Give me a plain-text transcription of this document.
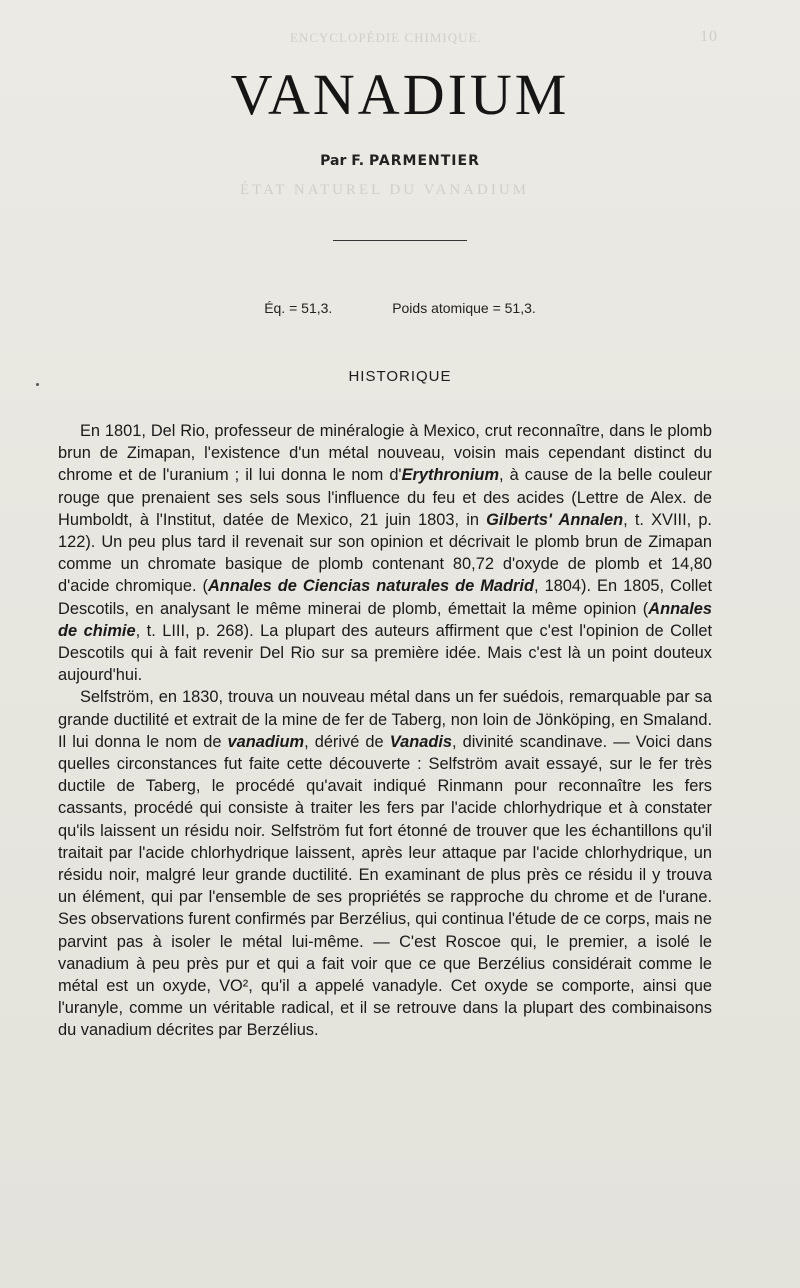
ENCYCLOPÉDIE CHIMIQUE.	10
ÉTAT NATUREL DU VANADIUM
VANADIUM
Par F. PARMENTIER
Éq. = 51,3.	Poids atomique = 51,3.
HISTORIQUE

En 1801, Del Rio, professeur de minéralogie à Mexico, crut reconnaître, dans le plomb brun de Zimapan, l'existence d'un métal nouveau, voisin mais cependant distinct du chrome et de l'uranium ; il lui donna le nom d'Erythronium, à cause de la belle couleur rouge que prenaient ses sels sous l'influence du feu et des acides (Lettre de Alex. de Humboldt, à l'Institut, datée de Mexico, 21 juin 1803, in Gilberts' Annalen, t. XVIII, p. 122). Un peu plus tard il revenait sur son opinion et décrivait le plomb brun de Zimapan comme un chromate basique de plomb contenant 80,72 d'oxyde de plomb et 14,80 d'acide chromique. (Annales de Ciencias naturales de Madrid, 1804). En 1805, Collet Descotils, en analysant le même minerai de plomb, émettait la même opinion (Annales de chimie, t. LIII, p. 268). La plupart des auteurs affirment que c'est l'opinion de Collet Descotils qui à fait revenir Del Rio sur sa première idée. Mais c'est là un point douteux aujourd'hui.

Selfström, en 1830, trouva un nouveau métal dans un fer suédois, remarquable par sa grande ductilité et extrait de la mine de fer de Taberg, non loin de Jönköping, en Smaland. Il lui donna le nom de vanadium, dérivé de Vanadis, divinité scandinave. — Voici dans quelles circonstances fut faite cette découverte : Selfström avait essayé, sur le fer très ductile de Taberg, le procédé qu'avait indiqué Rinmann pour reconnaître les fers cassants, procédé qui consiste à traiter les fers par l'acide chlorhydrique et à constater qu'ils laissent un résidu noir. Selfström fut fort étonné de trouver que les échantillons qu'il traitait par l'acide chlorhydrique laissent, après leur attaque par l'acide chlorhydrique, un résidu noir, malgré leur grande ductilité. En examinant de plus près ce résidu il y trouva un élément, qui par l'ensemble de ses propriétés se rapproche du chrome et de l'urane. Ses observations furent confirmés par Berzélius, qui continua l'étude de ce corps, mais ne parvint pas à isoler le métal lui-même. — C'est Roscoe qui, le premier, a isolé le vanadium à peu près pur et qui a fait voir que ce que Berzélius considérait comme le métal est un oxyde, VO², qu'il a appelé vanadyle. Cet oxyde se comporte, ainsi que l'uranyle, comme un véritable radical, et il se retrouve dans la plupart des combinaisons du vanadium décrites par Berzélius.
